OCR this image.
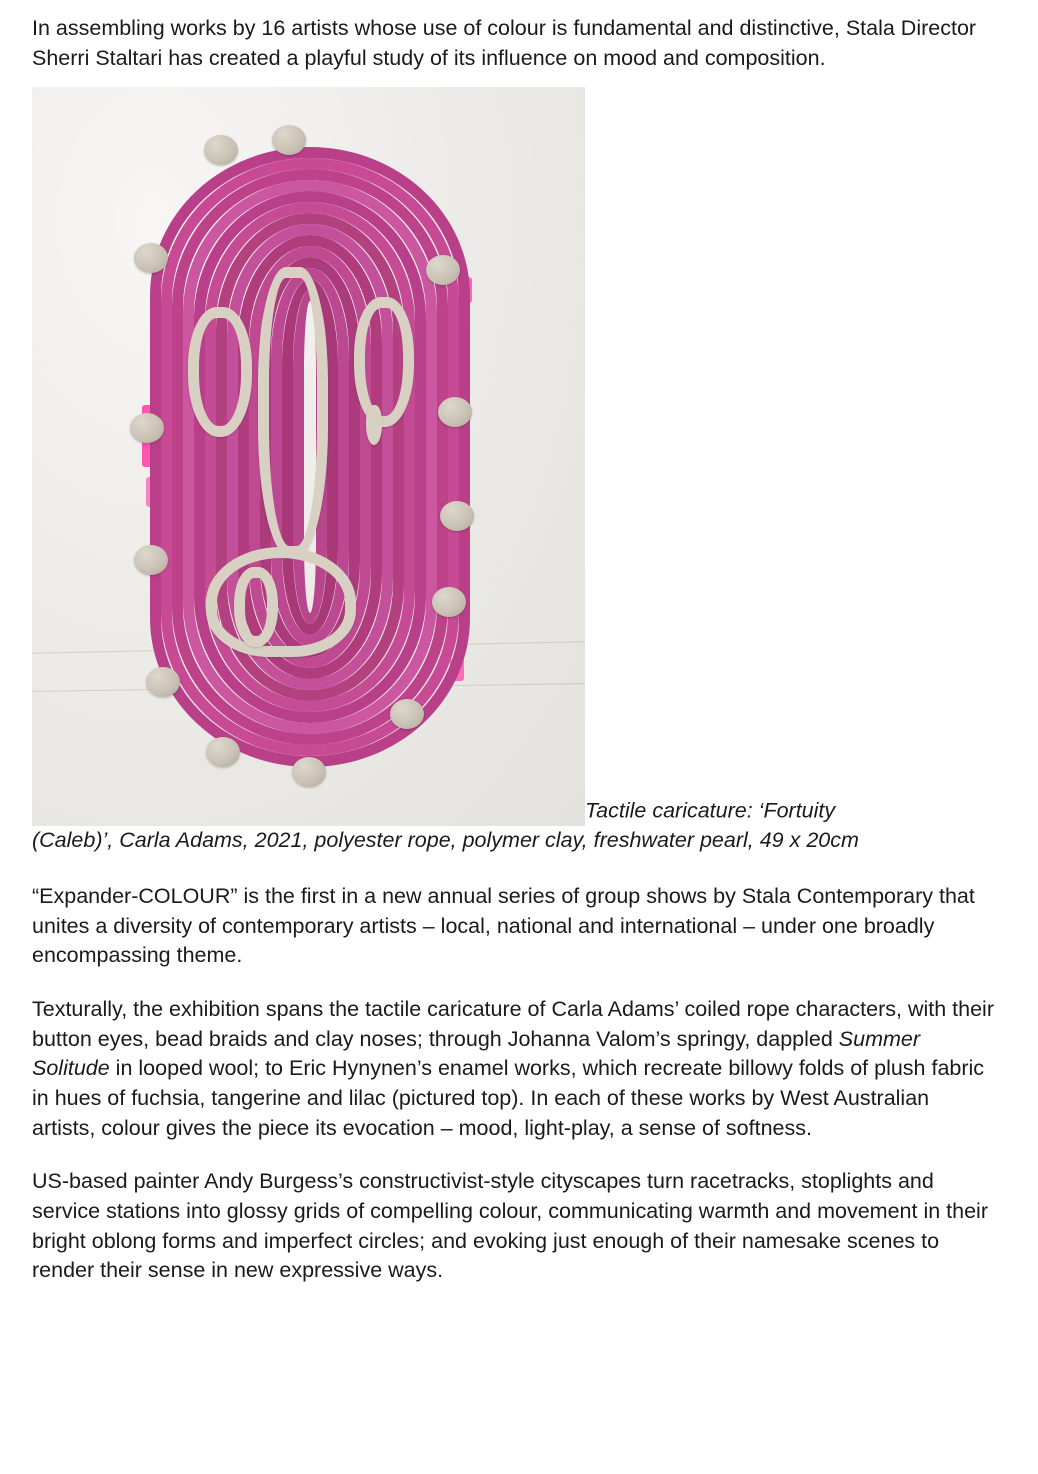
In assembling works by 16 artists whose use of colour is fundamental and distinctive, Stala Director Sherri Staltari has created a playful study of its influence on mood and composition.

Tactile caricature: ‘Fortuity
(Caleb)’, Carla Adams, 2021, polyester rope, polymer clay, freshwater pearl, 49 x 20cm

“Expander-COLOUR” is the first in a new annual series of group shows by Stala Contemporary that unites a diversity of contemporary artists – local, national and international – under one broadly encompassing theme.

Texturally, the exhibition spans the tactile caricature of Carla Adams’ coiled rope characters, with their button eyes, bead braids and clay noses; through Johanna Valom’s springy, dappled Summer Solitude in looped wool; to Eric Hynynen’s enamel works, which recreate billowy folds of plush fabric in hues of fuchsia, tangerine and lilac (pictured top). In each of these works by West Australian artists, colour gives the piece its evocation – mood, light-play, a sense of softness.

US-based painter Andy Burgess’s constructivist-style cityscapes turn racetracks, stoplights and service stations into glossy grids of compelling colour, communicating warmth and movement in their bright oblong forms and imperfect circles; and evoking just enough of their namesake scenes to render their sense in new expressive ways.
